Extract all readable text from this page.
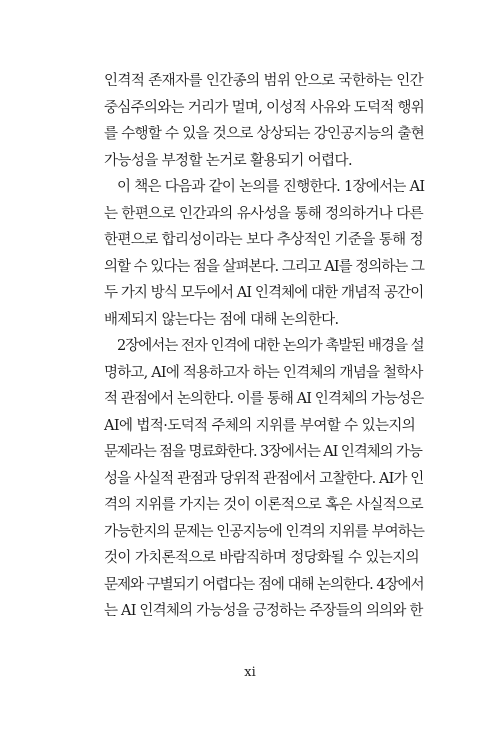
인격적 존재자를 인간종의 범위 안으로 국한하는 인간
중심주의와는 거리가 멀며, 이성적 사유와 도덕적 행위
를 수행할 수 있을 것으로 상상되는 강인공지능의 출현
가능성을 부정할 논거로 활용되기 어렵다.
이 책은 다음과 같이 논의를 진행한다. 1장에서는 AI
는 한편으로 인간과의 유사성을 통해 정의하거나 다른
한편으로 합리성이라는 보다 추상적인 기준을 통해 정
의할 수 있다는 점을 살펴본다. 그리고 AI를 정의하는 그
두 가지 방식 모두에서 AI 인격체에 대한 개념적 공간이
배제되지 않는다는 점에 대해 논의한다.
2장에서는 전자 인격에 대한 논의가 촉발된 배경을 설
명하고, AI에 적용하고자 하는 인격체의 개념을 철학사
적 관점에서 논의한다. 이를 통해 AI 인격체의 가능성은
AI에 법적·도덕적 주체의 지위를 부여할 수 있는지의
문제라는 점을 명료화한다. 3장에서는 AI 인격체의 가능
성을 사실적 관점과 당위적 관점에서 고찰한다. AI가 인
격의 지위를 가지는 것이 이론적으로 혹은 사실적으로
가능한지의 문제는 인공지능에 인격의 지위를 부여하는
것이 가치론적으로 바람직하며 정당화될 수 있는지의
문제와 구별되기 어렵다는 점에 대해 논의한다. 4장에서
는 AI 인격체의 가능성을 긍정하는 주장들의 의의와 한
xi
